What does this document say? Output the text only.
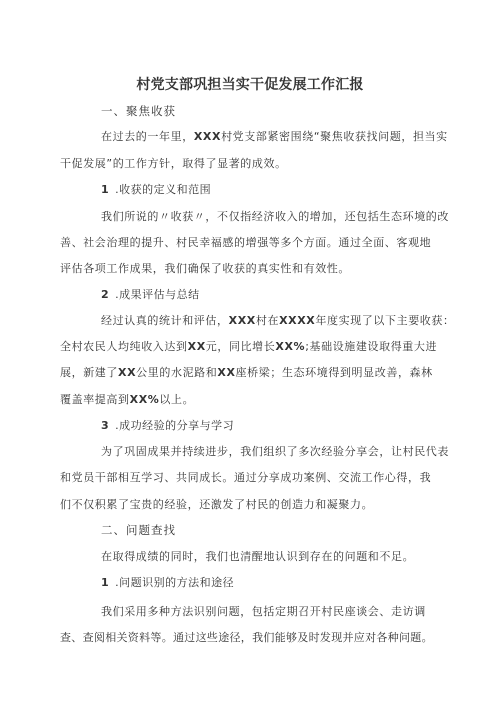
村党支部巩担当实干促发展工作汇报
一、聚焦收获
在过去的一年里，XXX村党支部紧密围绕“聚焦收获找问题，担当实
干促发展”的工作方针，取得了显著的成效。
1 .收获的定义和范围
我们所说的〃收获〃，不仅指经济收入的增加，还包括生态环境的改
善、社会治理的提升、村民幸福感的增强等多个方面。通过全面、客观地
评估各项工作成果，我们确保了收获的真实性和有效性。
2 .成果评估与总结
经过认真的统计和评估，XXX村在XXXX年度实现了以下主要收获：
全村农民人均纯收入达到XX元，同比增长XX%;基础设施建设取得重大进
展，新建了XX公里的水泥路和XX座桥梁；生态环境得到明显改善，森林
覆盖率提高到XX%以上。
3 .成功经验的分享与学习
为了巩固成果并持续进步，我们组织了多次经验分享会，让村民代表
和党员干部相互学习、共同成长。通过分享成功案例、交流工作心得，我
们不仅积累了宝贵的经验，还激发了村民的创造力和凝聚力。
二、问题查找
在取得成绩的同时，我们也清醒地认识到存在的问题和不足。
1 .问题识别的方法和途径
我们采用多种方法识别问题，包括定期召开村民座谈会、走访调
查、查阅相关资料等。通过这些途径，我们能够及时发现并应对各种问题。
